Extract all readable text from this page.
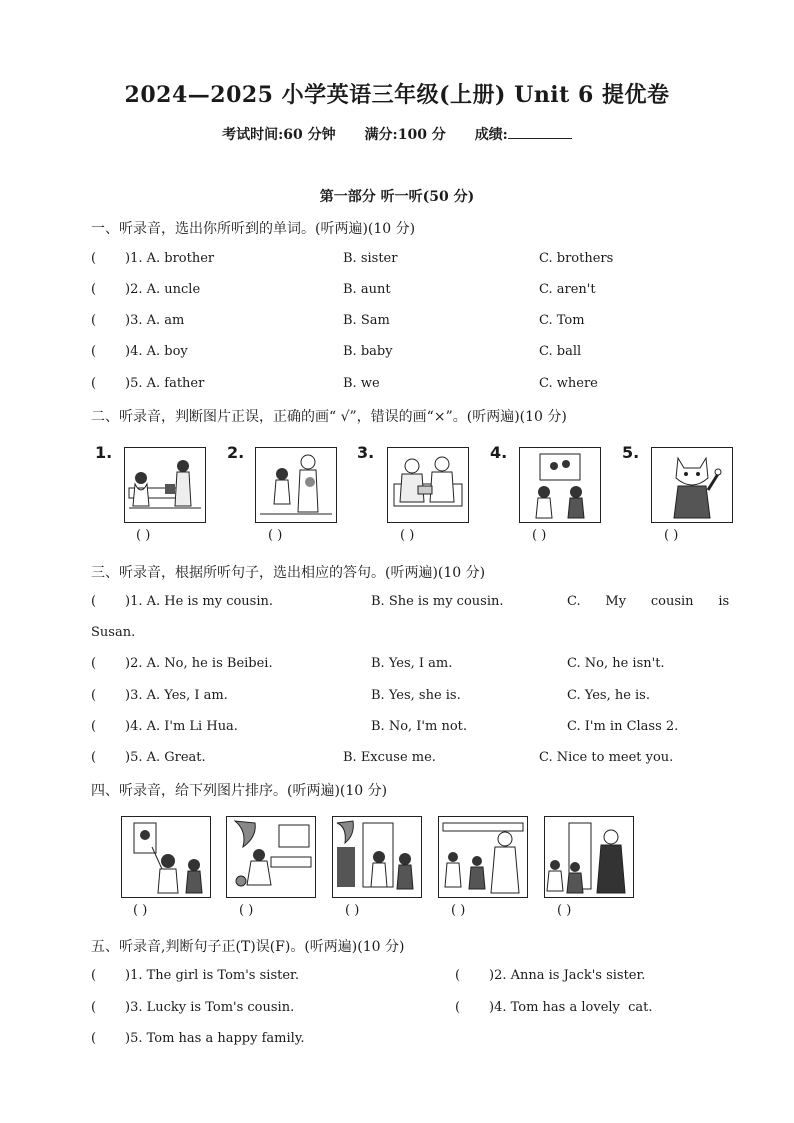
2024—2025 小学英语三年级(上册) Unit 6 提优卷
考试时间:60 分钟 满分:100 分 成绩:
第一部分 听一听(50 分)
一、听录音，选出你所听到的单词。(听两遍)(10 分)
( )1. A. brother	B. sister	C. brothers
( )2. A. uncle	B. aunt	C. aren't
( )3. A. am	B. Sam	C. Tom
( )4. A. boy	B. baby	C. ball
( )5. A. father	B. we	C. where
二、听录音，判断图片正误，正确的画“ √”，错误的画“×”。(听两遍)(10 分)
1.
( )
2.
( )
3.
( )
4.
( )
5.
( )
三、听录音，根据所听句子，选出相应的答句。(听两遍)(10 分)
( )1. A. He is my cousin.	B. She is my cousin.	C.      My      cousin      is
Susan.
( )2. A. No, he is Beibei.	B. Yes, I am.	C. No, he isn't.
( )3. A. Yes, I am.	B. Yes, she is.	C. Yes, he is.
( )4. A. I'm Li Hua.	B. No, I'm not.	C. I'm in Class 2.
( )5. A. Great.	B. Excuse me.	C. Nice to meet you.
四、听录音，给下列图片排序。(听两遍)(10 分)
( )	( )	( )	( )	( )
五、听录音,判断句子正(T)误(F)。(听两遍)(10 分)
( )1. The girl is Tom's sister.	( )2. Anna is Jack's sister.
( )3. Lucky is Tom's cousin.	( )4. Tom has a lovely  cat.
( )5. Tom has a happy family.
